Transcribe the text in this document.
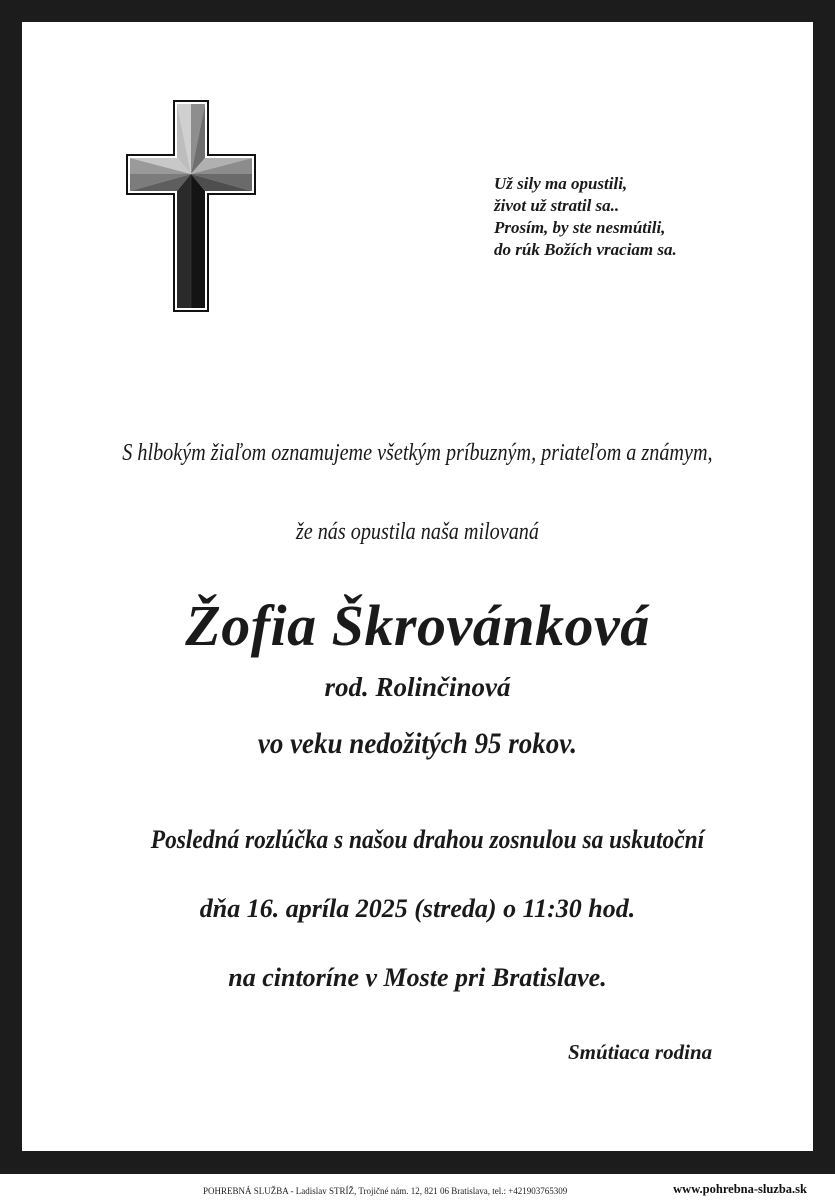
Už sily ma opustili,
život už stratil sa..
Prosím, by ste nesmútili,
do rúk Božích vraciam sa.
S hlbokým žiaľom oznamujeme všetkým príbuzným, priateľom a známym,
že nás opustila naša milovaná
Žofia Škrovánková
rod. Rolinčinová
vo veku nedožitých 95 rokov.
Posledná rozlúčka s našou drahou zosnulou sa uskutoční
dňa 16. apríla 2025 (streda) o 11:30 hod.
na cintoríne v Moste pri Bratislave.
Smútiaca rodina
POHREBNÁ SLUŽBA - Ladislav STRÍŽ, Trojičné nám. 12, 821 06 Bratislava, tel.: +421903765309	www.pohrebna-sluzba.sk
